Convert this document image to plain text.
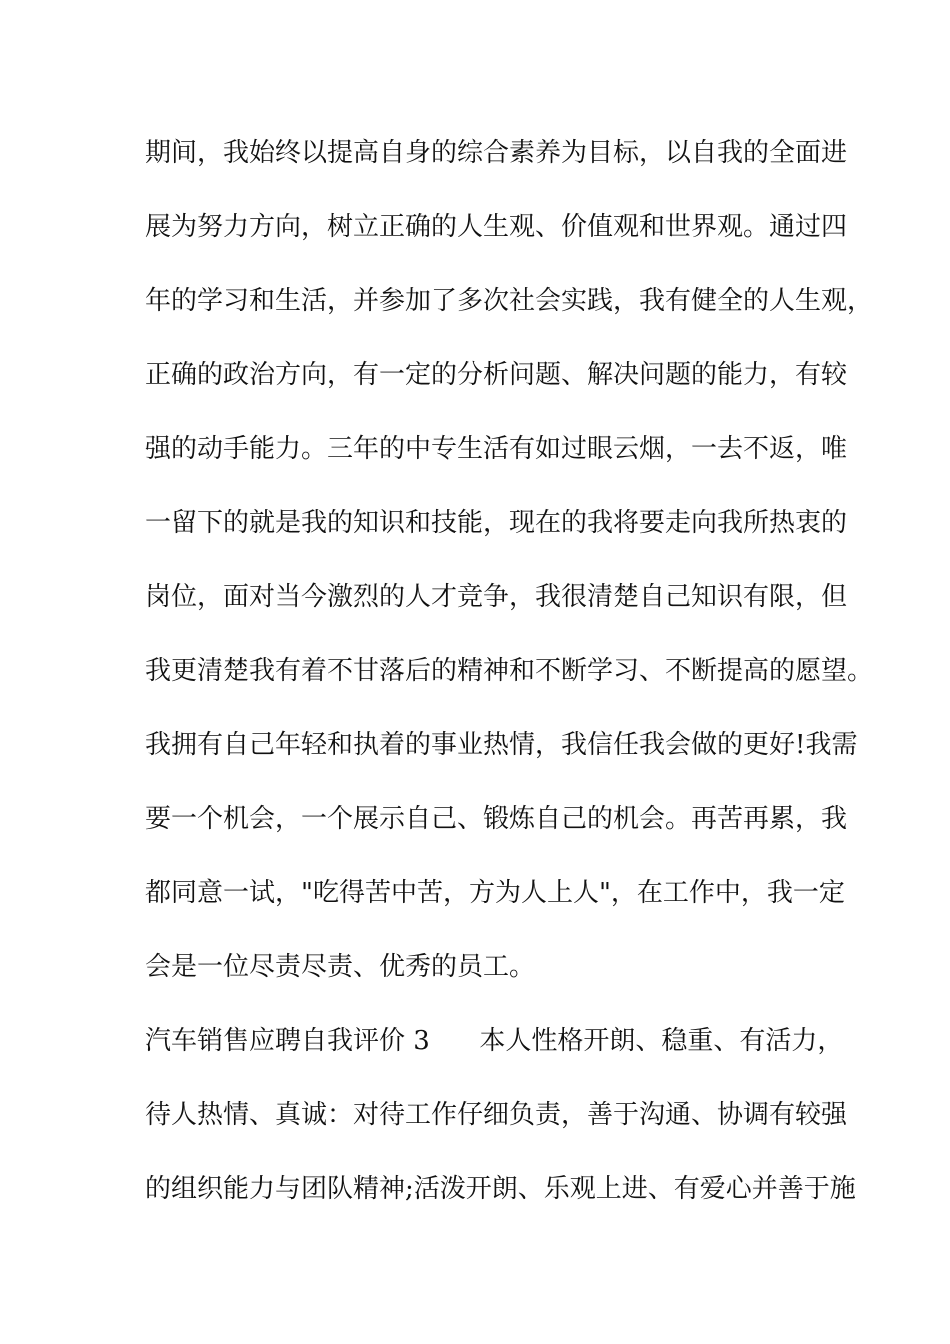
期间，我始终以提高自身的综合素养为目标，以自我的全面进
展为努力方向，树立正确的人生观、价值观和世界观。通过四
年的学习和生活，并参加了多次社会实践，我有健全的人生观，
正确的政治方向，有一定的分析问题、解决问题的能力，有较
强的动手能力。三年的中专生活有如过眼云烟，一去不返，唯
一留下的就是我的知识和技能，现在的我将要走向我所热衷的
岗位，面对当今激烈的人才竞争，我很清楚自己知识有限，但
我更清楚我有着不甘落后的精神和不断学习、不断提高的愿望。
我拥有自己年轻和执着的事业热情，我信任我会做的更好!我需
要一个机会，一个展示自己、锻炼自己的机会。再苦再累，我
都同意一试，"吃得苦中苦，方为人上人"，在工作中，我一定
会是一位尽责尽责、优秀的员工。
汽车销售应聘自我评价 3      本人性格开朗、稳重、有活力，
待人热情、真诚：对待工作仔细负责，善于沟通、协调有较强
的组织能力与团队精神;活泼开朗、乐观上进、有爱心并善于施
